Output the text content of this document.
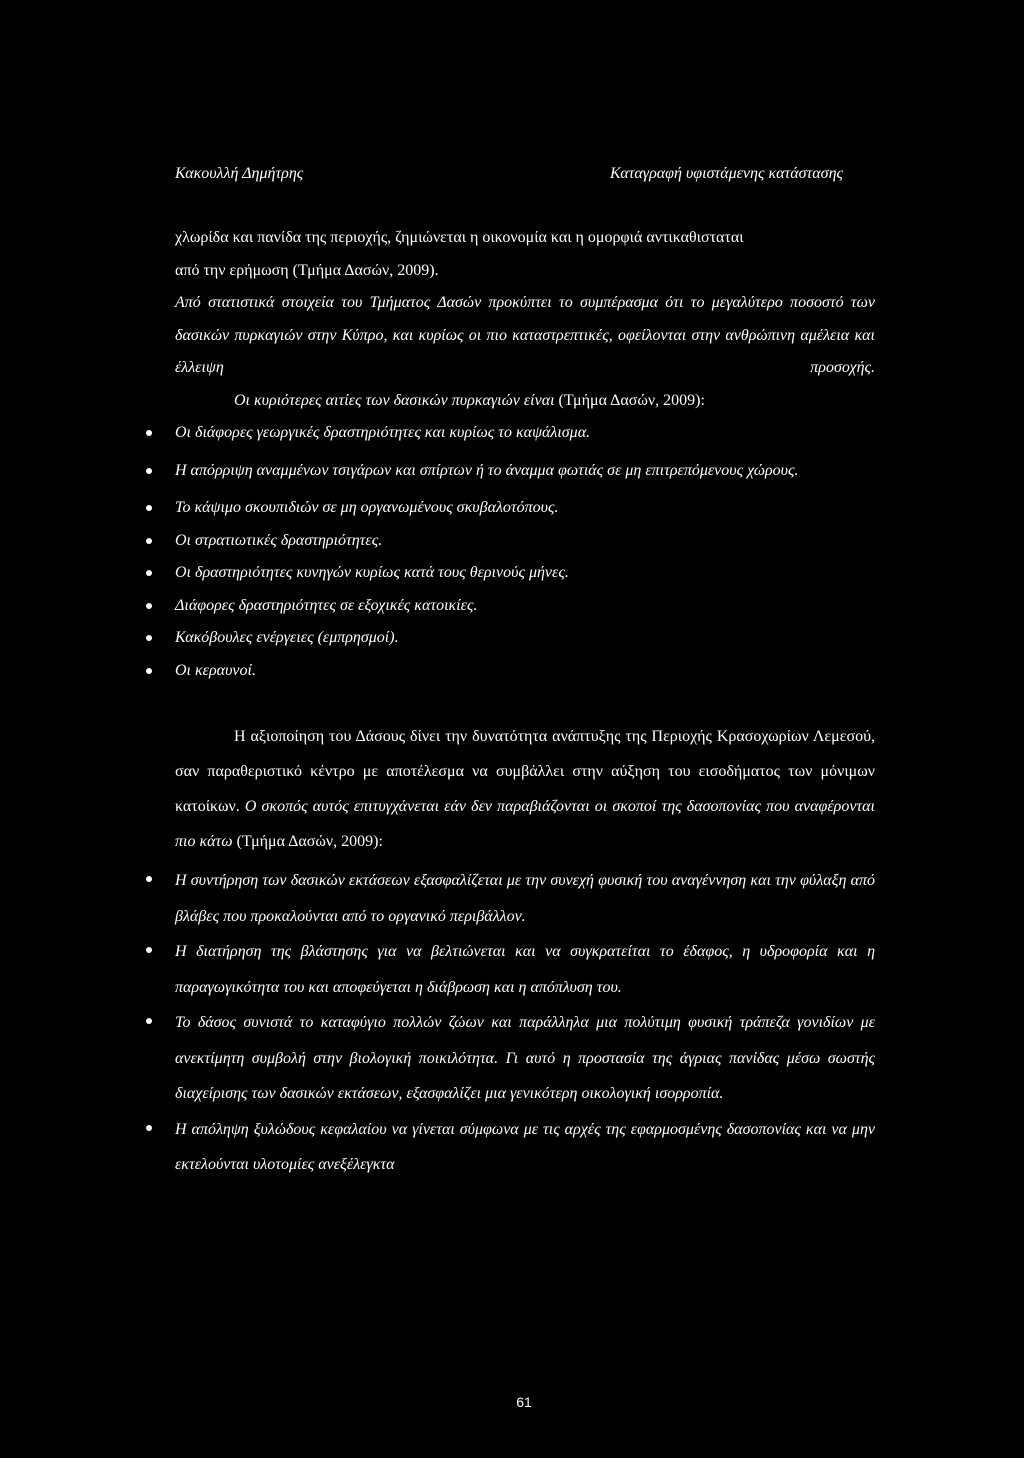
Κακουλλή Δημήτρης	Καταγραφή υφιστάμενης κατάστασης

χλωρίδα και πανίδα της περιοχής, ζημιώνεται η οικονομία και η ομορφιά αντικαθισταται

από την ερήμωση (Τμήμα Δασών, 2009).

Από στατιστικά στοιχεία του Τμήματος Δασών προκύπτει το συμπέρασμα ότι το μεγαλύτερο ποσοστό των δασικών πυρκαγιών στην Κύπρο, και κυρίως οι πιο καταστρεπτικές, οφείλονται στην ανθρώπινη αμέλεια και έλλειψη προσοχής.

Οι κυριότερες αιτίες των δασικών πυρκαγιών είναι (Τμήμα Δασών, 2009):

Οι διάφορες γεωργικές δραστηριότητες και κυρίως το καψάλισμα.
Η απόρριψη αναμμένων τσιγάρων και σπίρτων ή το άναμμα φωτιάς σε μη επιτρεπόμενους χώρους.
Το κάψιμο σκουπιδιών σε μη οργανωμένους σκυβαλοτόπους.
Οι στρατιωτικές δραστηριότητες.
Οι δραστηριότητες κυνηγών κυρίως κατά τους θερινούς μήνες.
Διάφορες δραστηριότητες σε εξοχικές κατοικίες.
Κακόβουλες ενέργειες (εμπρησμοί).
Οι κεραυνοί.

Η αξιοποίηση του Δάσους δίνει την δυνατότητα ανάπτυξης της Περιοχής Κρασοχωρίων Λεμεσού, σαν παραθεριστικό κέντρο με αποτέλεσμα να συμβάλλει στην αύξηση του εισοδήματος των μόνιμων κατοίκων. Ο σκοπός αυτός επιτυγχάνεται εάν δεν παραβιάζονται οι σκοποί της δασοπονίας που αναφέρονται πιο κάτω (Τμήμα Δασών, 2009):

Η συντήρηση των δασικών εκτάσεων εξασφαλίζεται με την συνεχή φυσική του αναγέννηση και την φύλαξη από βλάβες που προκαλούνται από το οργανικό περιβάλλον.
Η διατήρηση της βλάστησης για να βελτιώνεται και να συγκρατείται το έδαφος, η υδροφορία και η παραγωγικότητα του και αποφεύγεται η διάβρωση και η απόπλυση του.
Το δάσος συνιστά το καταφύγιο πολλών ζώων και παράλληλα μια πολύτιμη φυσική τράπεζα γονιδίων με ανεκτίμητη συμβολή στην βιολογική ποικιλότητα. Γι αυτό η προστασία της άγριας πανίδας μέσω σωστής διαχείρισης των δασικών εκτάσεων, εξασφαλίζει μια γενικότερη οικολογική ισορροπία.
Η απόληψη ξυλώδους κεφαλαίου να γίνεται σύμφωνα με τις αρχές της εφαρμοσμένης δασοπονίας και να μην εκτελούνται υλοτομίες ανεξέλεγκτα
61
